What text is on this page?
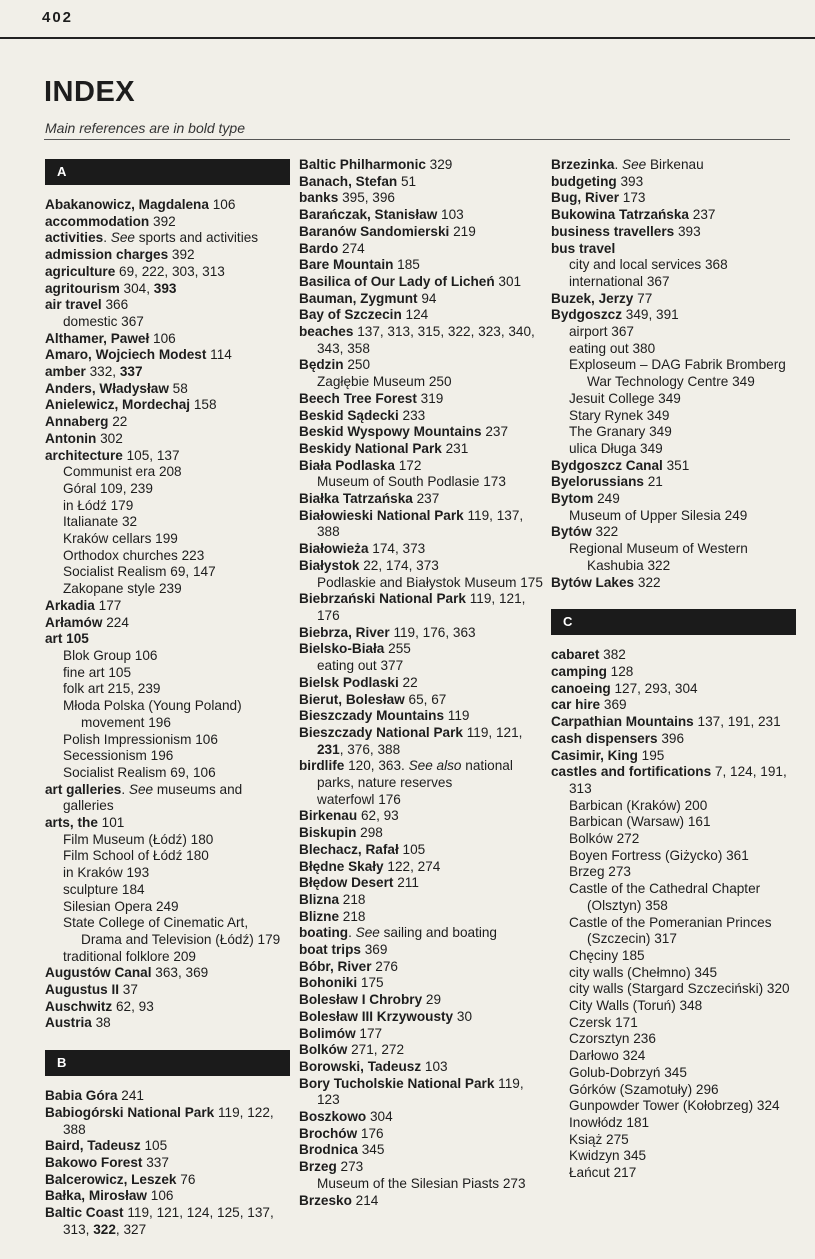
402
INDEX
Main references are in bold type
A
Abakanowicz, Magdalena 106
accommodation 392
activities. See sports and activities
admission charges 392
agriculture 69, 222, 303, 313
agritourism 304, 393
air travel 366
domestic 367
Althamer, Paweł 106
Amaro, Wojciech Modest 114
amber 332, 337
Anders, Władysław 58
Anielewicz, Mordechaj 158
Annaberg 22
Antonin 302
architecture 105, 137
Communist era 208
Góral 109, 239
in Łódź 179
Italianate 32
Kraków cellars 199
Orthodox churches 223
Socialist Realism 69, 147
Zakopane style 239
Arkadia 177
Arłamów 224
art 105
Blok Group 106
fine art 105
folk art 215, 239
Młoda Polska (Young Poland) movement 196
Polish Impressionism 106
Secessionism 196
Socialist Realism 69, 106
art galleries. See museums and galleries
arts, the 101
Film Museum (Łódź) 180
Film School of Łódź 180
in Kraków 193
sculpture 184
Silesian Opera 249
State College of Cinematic Art, Drama and Television (Łódź) 179
traditional folklore 209
Augustów Canal 363, 369
Augustus II 37
Auschwitz 62, 93
Austria 38
B
Babia Góra 241
Babiogórski National Park 119, 122, 388
Baird, Tadeusz 105
Bakowo Forest 337
Balcerowicz, Leszek 76
Bałka, Mirosław 106
Baltic Coast 119, 121, 124, 125, 137, 313, 322, 327
Baltic Philharmonic 329
Banach, Stefan 51
banks 395, 396
Barańczak, Stanisław 103
Baranów Sandomierski 219
Bardo 274
Bare Mountain 185
Basilica of Our Lady of Licheń 301
Bauman, Zygmunt 94
Bay of Szczecin 124
beaches 137, 313, 315, 322, 323, 340, 343, 358
Będzin 250
Zagłębie Museum 250
Beech Tree Forest 319
Beskid Sądecki 233
Beskid Wyspowy Mountains 237
Beskidy National Park 231
Biała Podlaska 172
Museum of South Podlasie 173
Białka Tatrzańska 237
Białowieski National Park 119, 137, 388
Białowieża 174, 373
Białystok 22, 174, 373
Podlaskie and Białystok Museum 175
Biebrzański National Park 119, 121, 176
Biebrza, River 119, 176, 363
Bielsko-Biała 255
eating out 377
Bielsk Podlaski 22
Bierut, Bolesław 65, 67
Bieszczady Mountains 119
Bieszczady National Park 119, 121, 231, 376, 388
birdlife 120, 363. See also national parks, nature reserves
waterfowl 176
Birkenau 62, 93
Biskupin 298
Blechacz, Rafał 105
Błędne Skały 122, 274
Błędow Desert 211
Blizna 218
Blizne 218
boating. See sailing and boating
boat trips 369
Bóbr, River 276
Bohoniki 175
Bolesław I Chrobry 29
Bolesław III Krzywousty 30
Bolimów 177
Bolków 271, 272
Borowski, Tadeusz 103
Bory Tucholskie National Park 119, 123
Boszkowo 304
Brochów 176
Brodnica 345
Brzeg 273
Museum of the Silesian Piasts 273
Brzesko 214
Brzezinka. See Birkenau
budgeting 393
Bug, River 173
Bukowina Tatrzańska 237
business travellers 393
bus travel
city and local services 368
international 367
Buzek, Jerzy 77
Bydgoszcz 349, 391
airport 367
eating out 380
Exploseum – DAG Fabrik Bromberg War Technology Centre 349
Jesuit College 349
Stary Rynek 349
The Granary 349
ulica Długa 349
Bydgoszcz Canal 351
Byelorussians 21
Bytom 249
Museum of Upper Silesia 249
Bytów 322
Regional Museum of Western Kashubia 322
Bytów Lakes 322
C
cabaret 382
camping 128
canoeing 127, 293, 304
car hire 369
Carpathian Mountains 137, 191, 231
cash dispensers 396
Casimir, King 195
castles and fortifications 7, 124, 191, 313
Barbican (Kraków) 200
Barbican (Warsaw) 161
Bolków 272
Boyen Fortress (Giżycko) 361
Brzeg 273
Castle of the Cathedral Chapter (Olsztyn) 358
Castle of the Pomeranian Princes (Szczecin) 317
Chęciny 185
city walls (Chełmno) 345
city walls (Stargard Szczeciński) 320
City Walls (Toruń) 348
Czersk 171
Czorsztyn 236
Darłowo 324
Golub-Dobrzyń 345
Górków (Szamotuły) 296
Gunpowder Tower (Kołobrzeg) 324
Inowłódz 181
Książ 275
Kwidzyn 345
Łańcut 217
